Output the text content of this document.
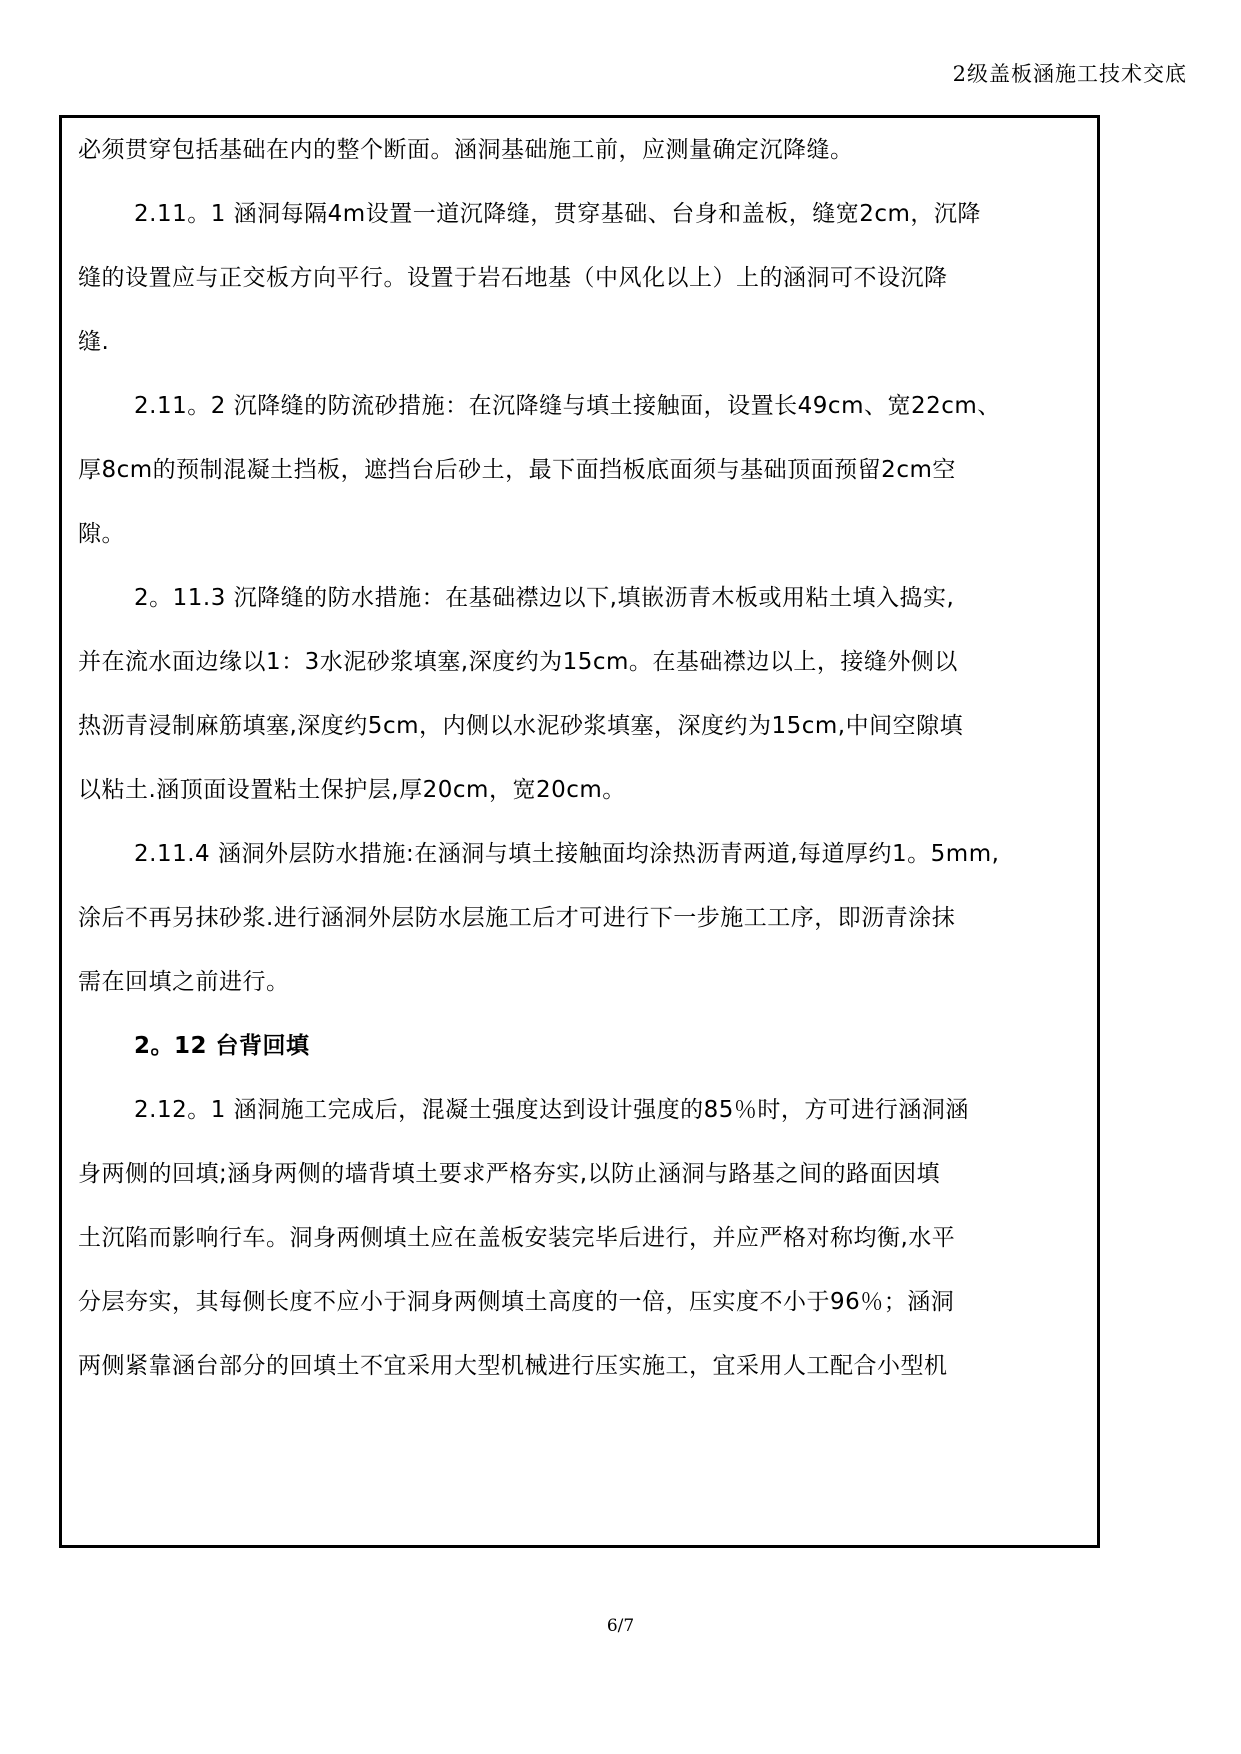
2级盖板涵施工技术交底
必须贯穿包括基础在内的整个断面。涵洞基础施工前，应测量确定沉降缝。
2.11。1 涵洞每隔4m设置一道沉降缝，贯穿基础、台身和盖板，缝宽2cm，沉降
缝的设置应与正交板方向平行。设置于岩石地基（中风化以上）上的涵洞可不设沉降
缝.
2.11。2 沉降缝的防流砂措施：在沉降缝与填土接触面，设置长49cm、宽22cm、
厚8cm的预制混凝土挡板，遮挡台后砂土，最下面挡板底面须与基础顶面预留2cm空
隙。
2。11.3 沉降缝的防水措施：在基础襟边以下,填嵌沥青木板或用粘土填入捣实,
并在流水面边缘以1：3水泥砂浆填塞,深度约为15cm。在基础襟边以上，接缝外侧以
热沥青浸制麻筋填塞,深度约5cm，内侧以水泥砂浆填塞，深度约为15cm,中间空隙填
以粘土.涵顶面设置粘土保护层,厚20cm，宽20cm。
2.11.4 涵洞外层防水措施:在涵洞与填土接触面均涂热沥青两道,每道厚约1。5mm,
涂后不再另抹砂浆.进行涵洞外层防水层施工后才可进行下一步施工工序，即沥青涂抹
需在回填之前进行。
2。12 台背回填
2.12。1 涵洞施工完成后，混凝土强度达到设计强度的85％时，方可进行涵洞涵
身两侧的回填;涵身两侧的墙背填土要求严格夯实,以防止涵洞与路基之间的路面因填
土沉陷而影响行车。洞身两侧填土应在盖板安装完毕后进行，并应严格对称均衡,水平
分层夯实，其每侧长度不应小于洞身两侧填土高度的一倍，压实度不小于96％；涵洞
两侧紧靠涵台部分的回填土不宜采用大型机械进行压实施工，宜采用人工配合小型机
6/7
